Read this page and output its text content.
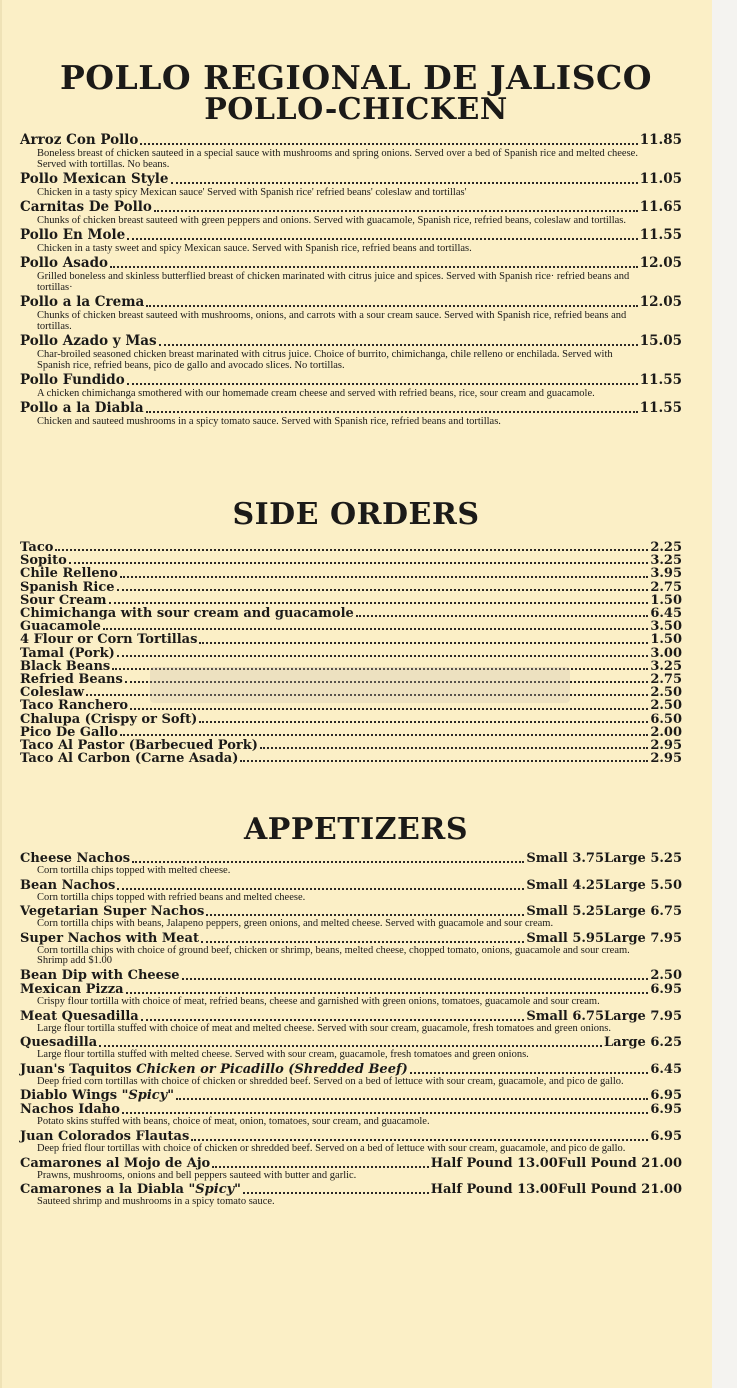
POLLO REGIONAL DE JALISCO
POLLO-CHICKEN
Arroz Con Pollo	11.85
Boneless breast of chicken sauteed in a special sauce with mushrooms and spring onions. Served over a bed of Spanish rice and melted cheese. Served with tortillas. No beans.
Pollo Mexican Style	11.05
Chicken in a tasty spicy Mexican sauce' Served with Spanish rice' refried beans' coleslaw and tortillas'
Carnitas De Pollo	11.65
Chunks of chicken breast sauteed with green peppers and onions. Served with guacamole, Spanish rice, refried beans, coleslaw and tortillas.
Pollo En Mole	11.55
Chicken in a tasty sweet and spicy Mexican sauce. Served with Spanish rice, refried beans and tortillas.
Pollo Asado	12.05
Grilled boneless and skinless butterflied breast of chicken marinated with citrus juice and spices. Served with Spanish rice· refried beans and tortillas·
Pollo a la Crema	12.05
Chunks of chicken breast sauteed with mushrooms, onions, and carrots with a sour cream sauce. Served with Spanish rice, refried beans and tortillas.
Pollo Azado y Mas	15.05
Char-broiled seasoned chicken breast marinated with citrus juice. Choice of burrito, chimichanga, chile relleno or enchilada. Served with Spanish rice, refried beans, pico de gallo and avocado slices. No tortillas.
Pollo Fundido	11.55
A chicken chimichanga smothered with our homemade cream cheese and served with refried beans, rice, sour cream and guacamole.
Pollo a la Diabla	11.55
Chicken and sauteed mushrooms in a spicy tomato sauce. Served with Spanish rice, refried beans and tortillas.
SIDE ORDERS
Taco	2.25
Sopito	3.25
Chile Relleno	3.95
Spanish Rice	2.75
Sour Cream	1.50
Chimichanga with sour cream and guacamole	6.45
Guacamole	3.50
4 Flour or Corn Tortillas	1.50
Tamal (Pork)	3.00
Black Beans	3.25
Refried Beans	2.75
Coleslaw	2.50
Taco Ranchero	2.50
Chalupa (Crispy or Soft)	6.50
Pico De Gallo	2.00
Taco Al Pastor (Barbecued Pork)	2.95
Taco Al Carbon (Carne Asada)	2.95
APPETIZERS
Cheese Nachos	Small 3.75 Large 5.25
Corn tortilla chips topped with melted cheese.
Bean Nachos	Small 4.25 Large 5.50
Corn tortilla chips topped with refried beans and melted cheese.
Vegetarian Super Nachos	Small 5.25 Large 6.75
Corn tortilla chips with beans, Jalapeno peppers, green onions, and melted cheese. Served with guacamole and sour cream.
Super Nachos with Meat	Small 5.95 Large 7.95
Corn tortilla chips with choice of ground beef, chicken or shrimp, beans, melted cheese, chopped tomato, onions, guacamole and sour cream. Shrimp add $1.00
Bean Dip with Cheese	2.50
Mexican Pizza	6.95
Crispy flour tortilla with choice of meat, refried beans, cheese and garnished with green onions, tomatoes, guacamole and sour cream.
Meat Quesadilla	Small 6.75 Large 7.95
Large flour tortilla stuffed with choice of meat and melted cheese. Served with sour cream, guacamole, fresh tomatoes and green onions.
Quesadilla	Large 6.25
Large flour tortilla stuffed with melted cheese. Served with sour cream, guacamole, fresh tomatoes and green onions.
Juan's Taquitos Chicken or Picadillo (Shredded Beef)	6.45
Deep fried corn tortillas with choice of chicken or shredded beef. Served on a bed of lettuce with sour cream, guacamole, and pico de gallo.
Diablo Wings "Spicy"	6.95
Nachos Idaho	6.95
Potato skins stuffed with beans, choice of meat, onion, tomatoes, sour cream, and guacamole.
Juan Colorados Flautas	6.95
Deep fried flour tortillas with choice of chicken or shredded beef. Served on a bed of lettuce with sour cream, guacamole, and pico de gallo.
Camarones al Mojo de Ajo	Half Pound 13.00 Full Pound 21.00
Prawns, mushrooms, onions and bell peppers sauteed with butter and garlic.
Camarones a la Diabla "Spicy"	Half Pound 13.00 Full Pound 21.00
Sauteed shrimp and mushrooms in a spicy tomato sauce.
